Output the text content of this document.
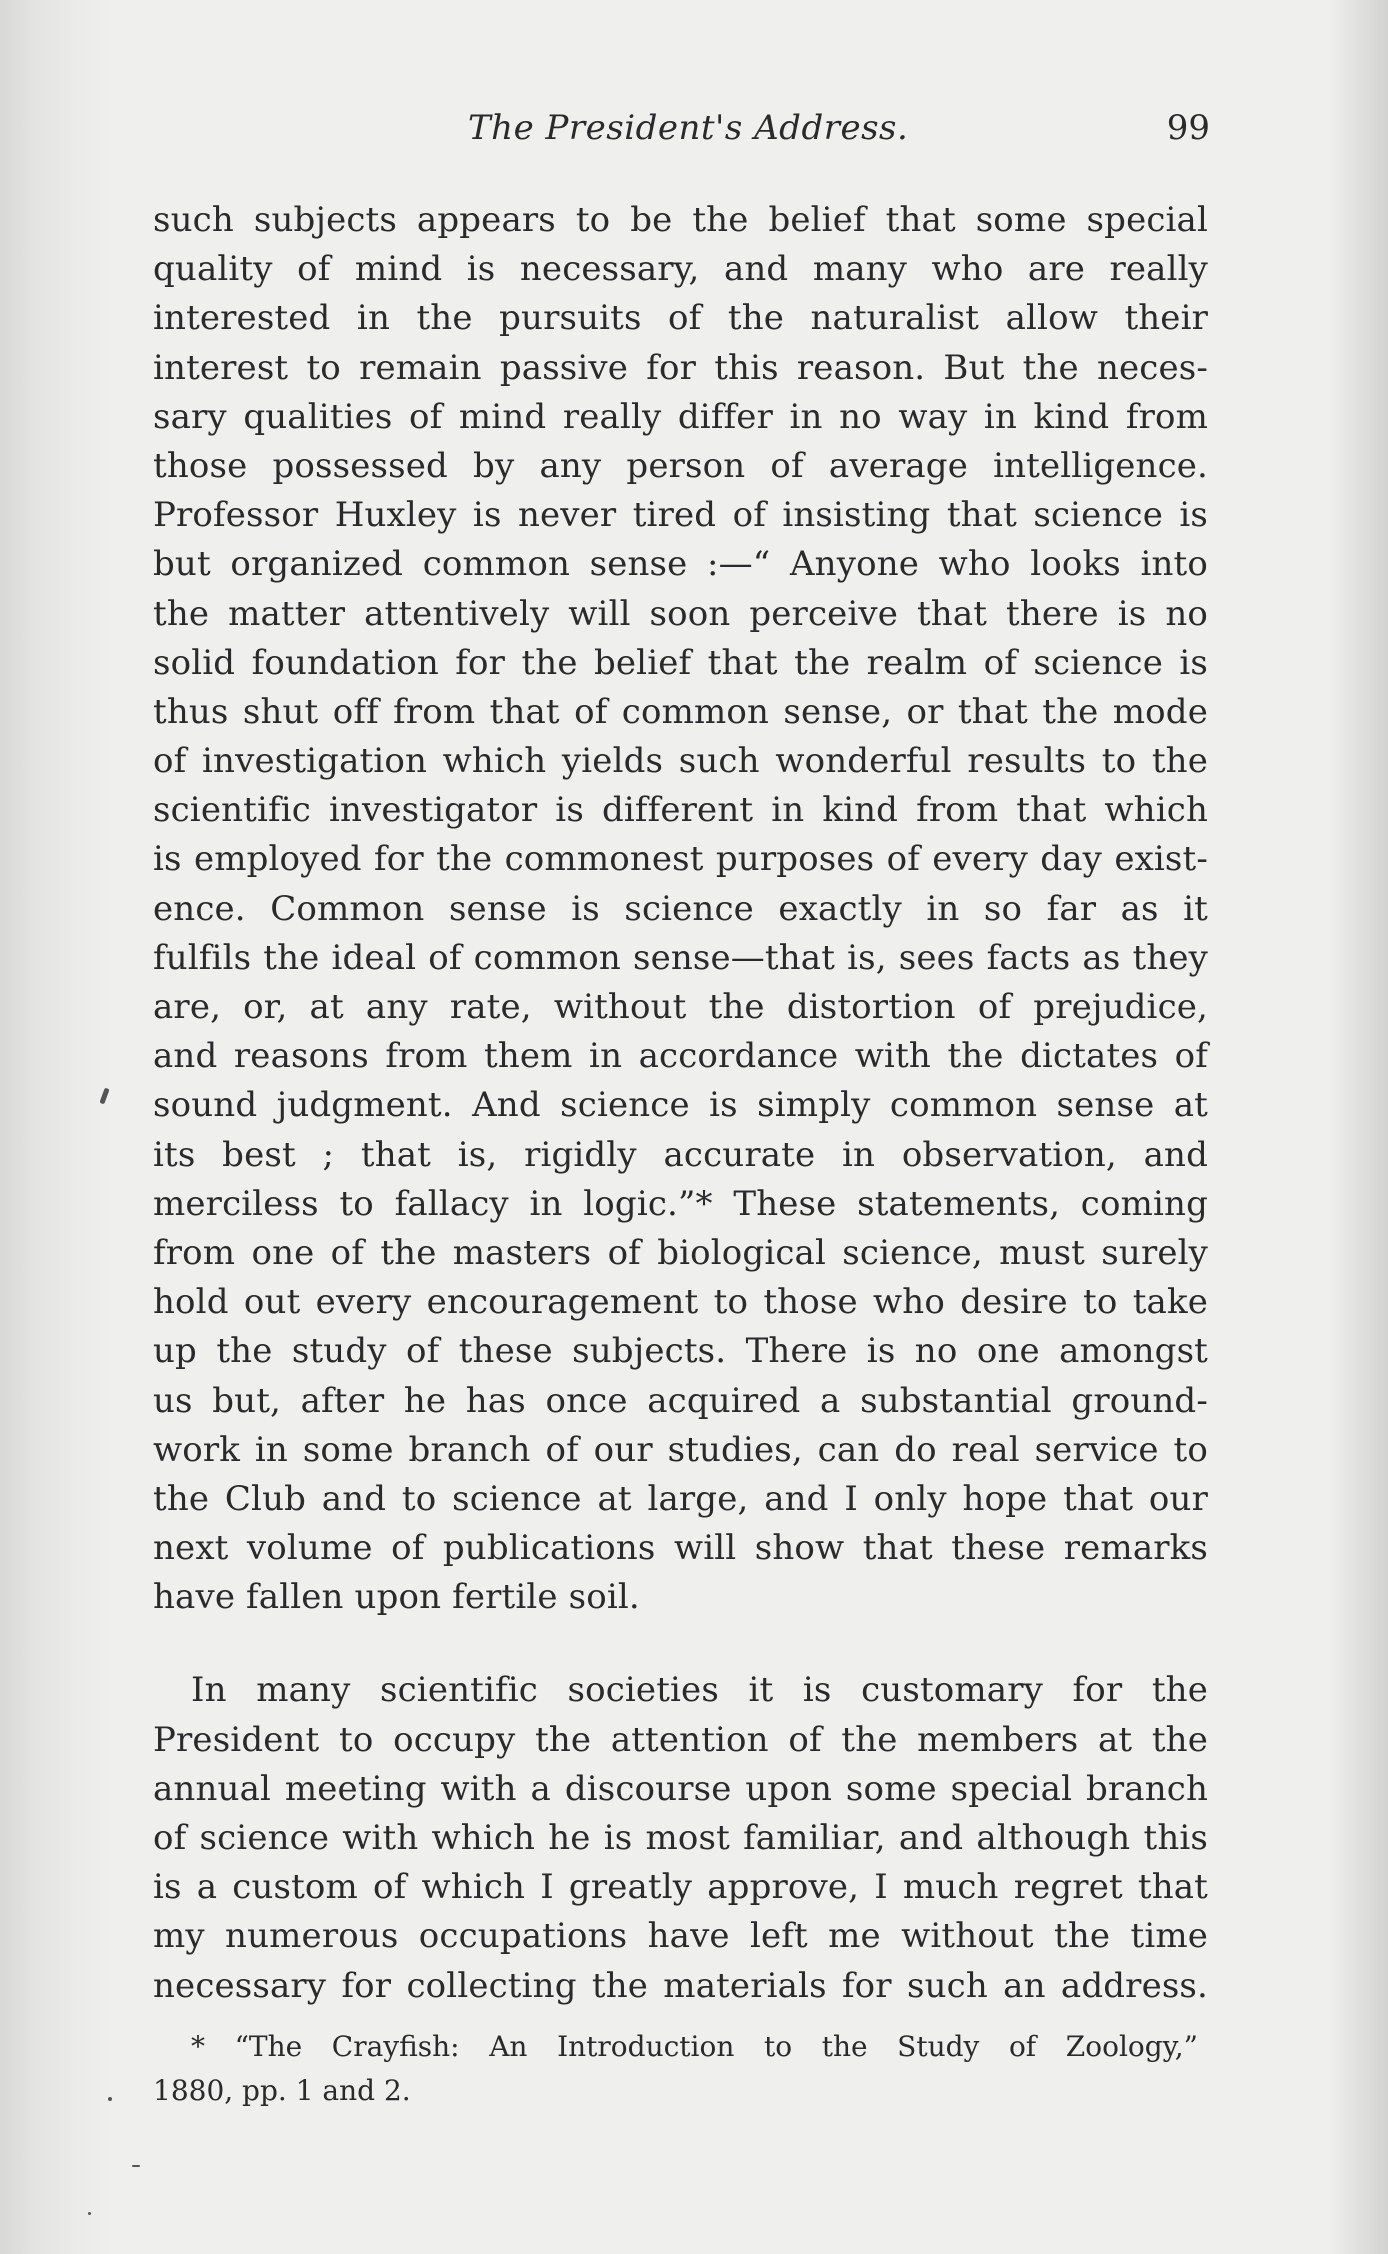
The President's Address.	99
such subjects appears to be the belief that some special
quality of mind is necessary, and many who are really
interested in the pursuits of the naturalist allow their
interest to remain passive for this reason. But the neces-
sary qualities of mind really differ in no way in kind from
those possessed by any person of average intelligence.
Professor Huxley is never tired of insisting that science is
but organized common sense :—“ Anyone who looks into
the matter attentively will soon perceive that there is no
solid foundation for the belief that the realm of science is
thus shut off from that of common sense, or that the mode
of investigation which yields such wonderful results to the
scientific investigator is different in kind from that which
is employed for the commonest purposes of every day exist-
ence. Common sense is science exactly in so far as it
fulfils the ideal of common sense—that is, sees facts as they
are, or, at any rate, without the distortion of prejudice,
and reasons from them in accordance with the dictates of
sound judgment. And science is simply common sense at
its best ; that is, rigidly accurate in observation, and
merciless to fallacy in logic.”* These statements, coming
from one of the masters of biological science, must surely
hold out every encouragement to those who desire to take
up the study of these subjects. There is no one amongst
us but, after he has once acquired a substantial ground-
work in some branch of our studies, can do real service to
the Club and to science at large, and I only hope that our
next volume of publications will show that these remarks
have fallen upon fertile soil.
In many scientific societies it is customary for the
President to occupy the attention of the members at the
annual meeting with a discourse upon some special branch
of science with which he is most familiar, and although this
is a custom of which I greatly approve, I much regret that
my numerous occupations have left me without the time
necessary for collecting the materials for such an address.
* “The Crayfish: An Introduction to the Study of Zoology,”
1880, pp. 1 and 2.
